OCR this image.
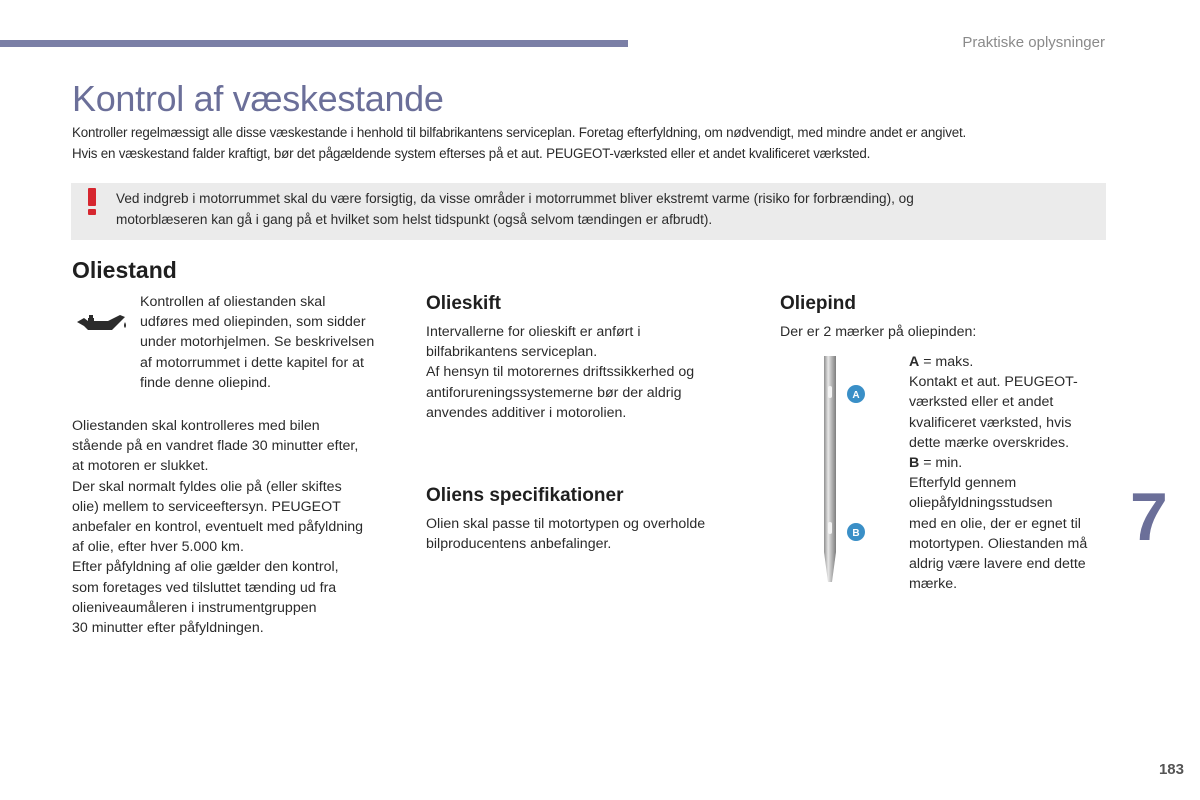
Praktiske oplysninger
Kontrol af væskestande

Kontroller regelmæssigt alle disse væskestande i henhold til bilfabrikantens serviceplan. Foretag efterfyldning, om nødvendigt, med mindre andet er angivet.

Hvis en væskestand falder kraftigt, bør det pågældende system efterses på et aut. PEUGEOT-værksted eller et andet kvalificeret værksted.

Ved indgreb i motorrummet skal du være forsigtig, da visse områder i motorrummet bliver ekstremt varme (risiko for forbrænding), og

motorblæseren kan gå i gang på et hvilket som helst tidspunkt (også selvom tændingen er afbrudt).

Oliestand

Kontrollen af oliestanden skal

udføres med oliepinden, som sidder

under motorhjelmen. Se beskrivelsen

af motorrummet i dette kapitel for at

finde denne oliepind.

Oliestanden skal kontrolleres med bilen

stående på en vandret flade 30 minutter efter,

at motoren er slukket.

Der skal normalt fyldes olie på (eller skiftes

olie) mellem to serviceeftersyn. PEUGEOT

anbefaler en kontrol, eventuelt med påfyldning

af olie, efter hver 5.000 km.

Efter påfyldning af olie gælder den kontrol,

som foretages ved tilsluttet tænding ud fra

olieniveaumåleren i instrumentgruppen

30 minutter efter påfyldningen.

Olieskift

Intervallerne for olieskift er anført i

bilfabrikantens serviceplan.

Af hensyn til motorernes driftssikkerhed og

antiforureningssystemerne bør der aldrig

anvendes additiver i motorolien.

Oliens specifikationer

Olien skal passe til motortypen og overholde

bilproducentens anbefalinger.

Oliepind

Der er 2 mærker på oliepinden:

A
B

A = maks.

Kontakt et aut. PEUGEOT-

værksted eller et andet

kvalificeret værksted, hvis

dette mærke overskrides.

B = min.

Efterfyld gennem

oliepåfyldningsstudsen

med en olie, der er egnet til

motortypen. Oliestanden må

aldrig være lavere end dette

mærke.

7
183
